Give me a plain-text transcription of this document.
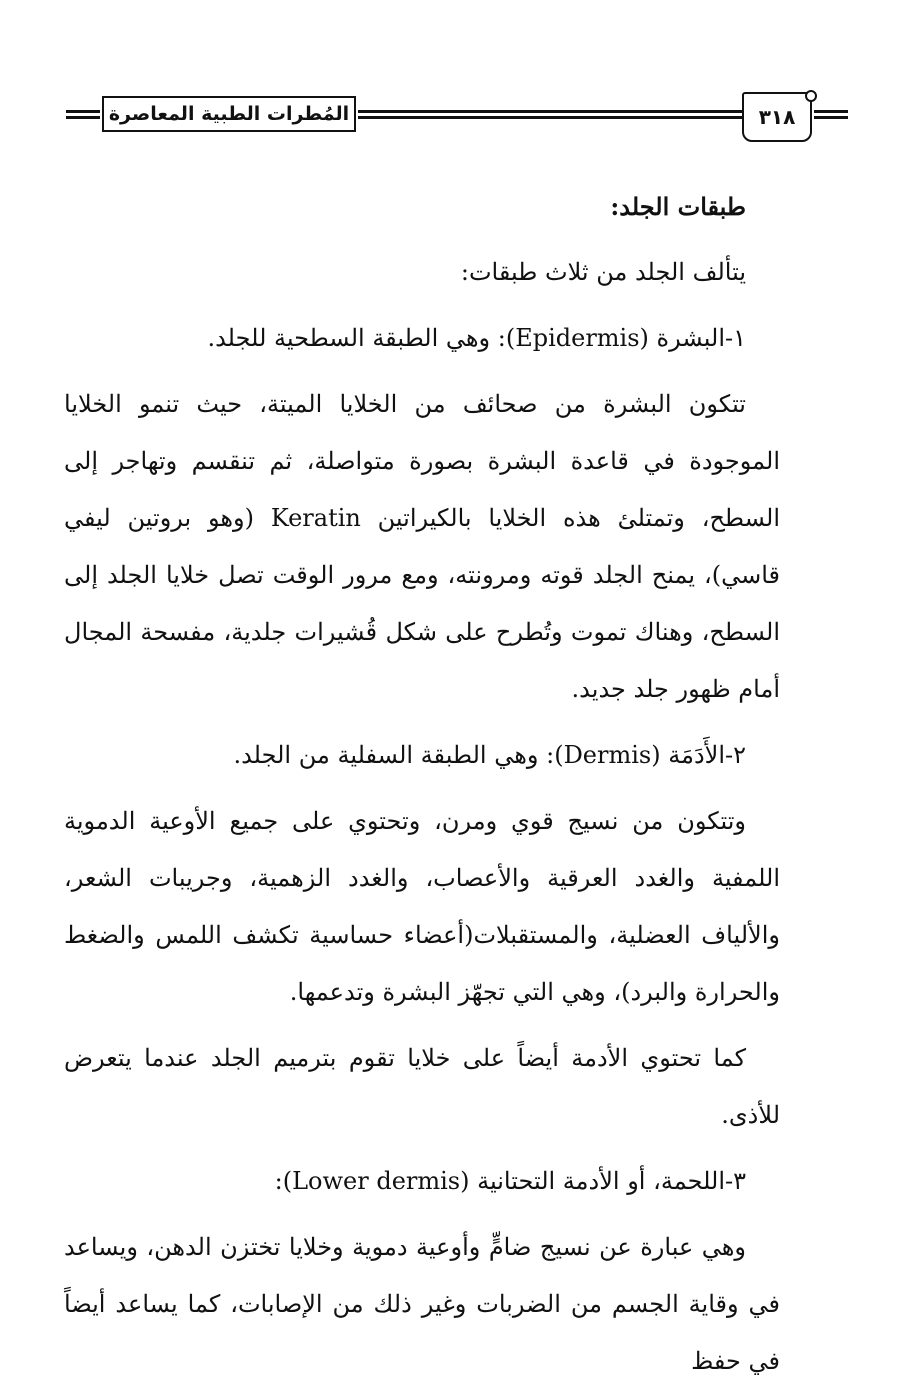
المُطرات الطبية المعاصرة	٣١٨

طبقات الجلد:

يتألف الجلد من ثلاث طبقات:

١-البشرة (Epidermis): وهي الطبقة السطحية للجلد.

تتكون البشرة من صحائف من الخلايا الميتة، حيث تنمو الخلايا الموجودة في قاعدة البشرة بصورة متواصلة، ثم تنقسم وتهاجر إلى السطح، وتمتلئ هذه الخلايا بالكيراتين Keratin (وهو بروتين ليفي قاسي)، يمنح الجلد قوته ومرونته، ومع مرور الوقت تصل خلايا الجلد إلى السطح، وهناك تموت وتُطرح على شكل قُشيرات جلدية، مفسحة المجال أمام ظهور جلد جديد.

٢-الأَدَمَة (Dermis): وهي الطبقة السفلية من الجلد.

وتتكون من نسيج قوي ومرن، وتحتوي على جميع الأوعية الدموية اللمفية والغدد العرقية والأعصاب، والغدد الزهمية، وجريبات الشعر، والألياف العضلية، والمستقبلات(أعضاء حساسية تكشف اللمس والضغط والحرارة والبرد)، وهي التي تجهّز البشرة وتدعمها.

كما تحتوي الأدمة أيضاً على خلايا تقوم بترميم الجلد عندما يتعرض للأذى.

٣-اللحمة، أو الأدمة التحتانية (Lower dermis):

وهي عبارة عن نسيج ضامٍّ وأوعية دموية وخلايا تختزن الدهن، ويساعد في وقاية الجسم من الضربات وغير ذلك من الإصابات، كما يساعد أيضاً في حفظ
